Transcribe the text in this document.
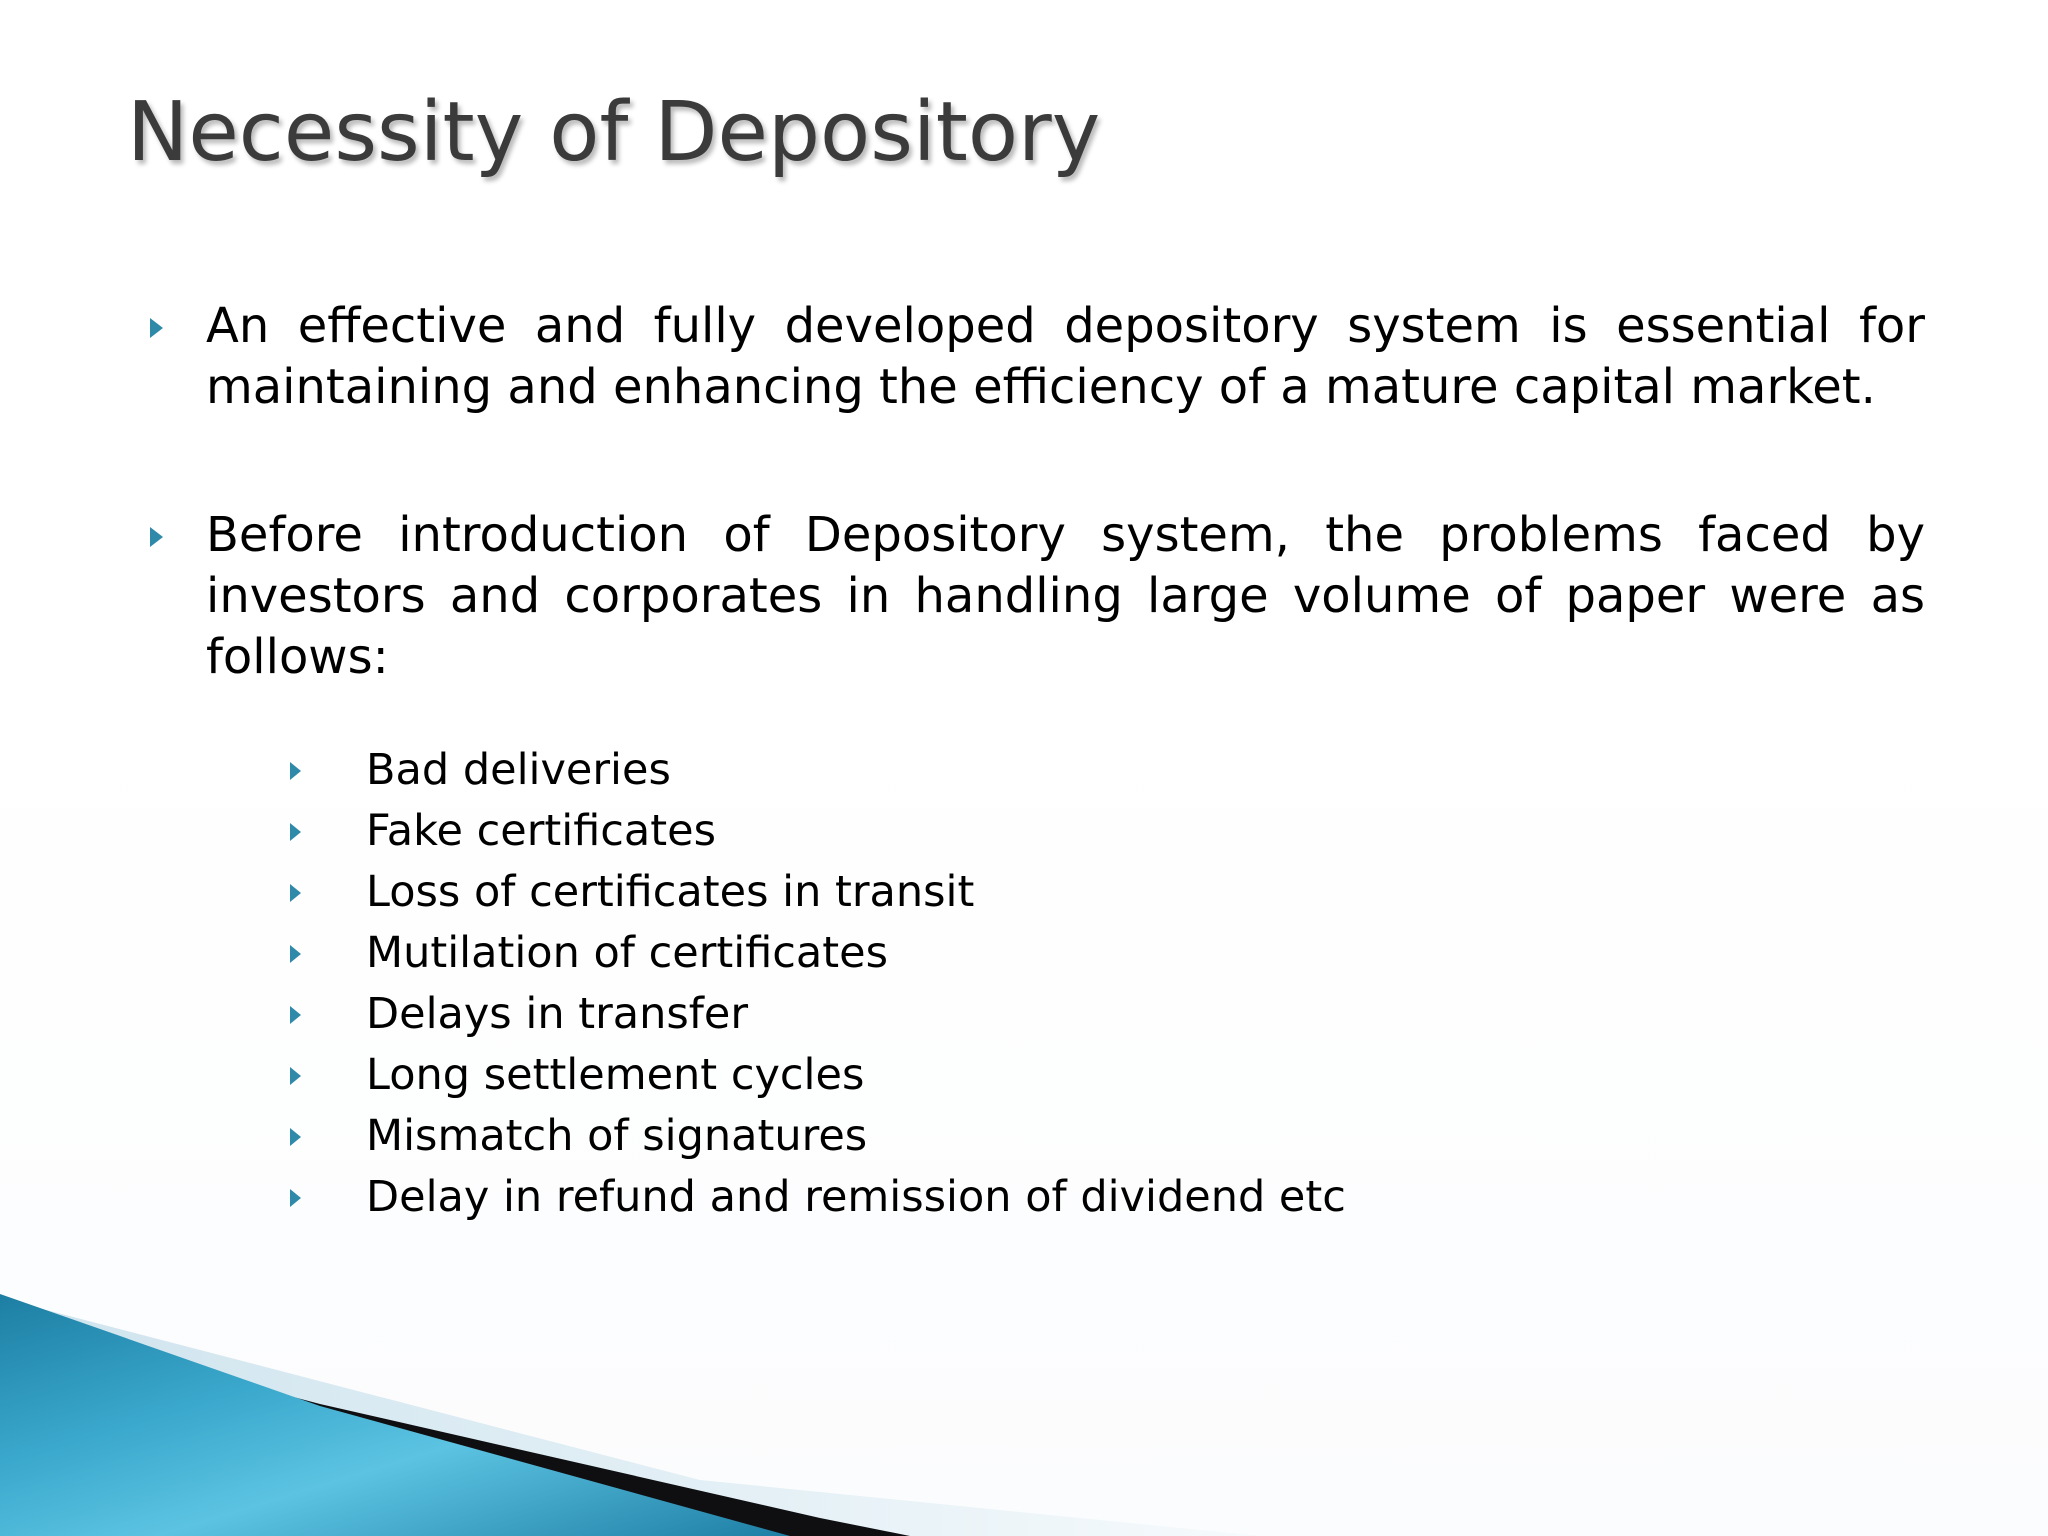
Necessity of Depository
An effective and fully developed depository system is essential for maintaining and enhancing the efficiency of a mature capital market.
Before introduction of Depository system, the problems faced by investors and corporates in handling large volume of paper were as follows:
Bad deliveries
Fake certificates
Loss of certificates in transit
Mutilation of certificates
Delays in transfer
Long settlement cycles
Mismatch of signatures
Delay in refund and remission of dividend etc
